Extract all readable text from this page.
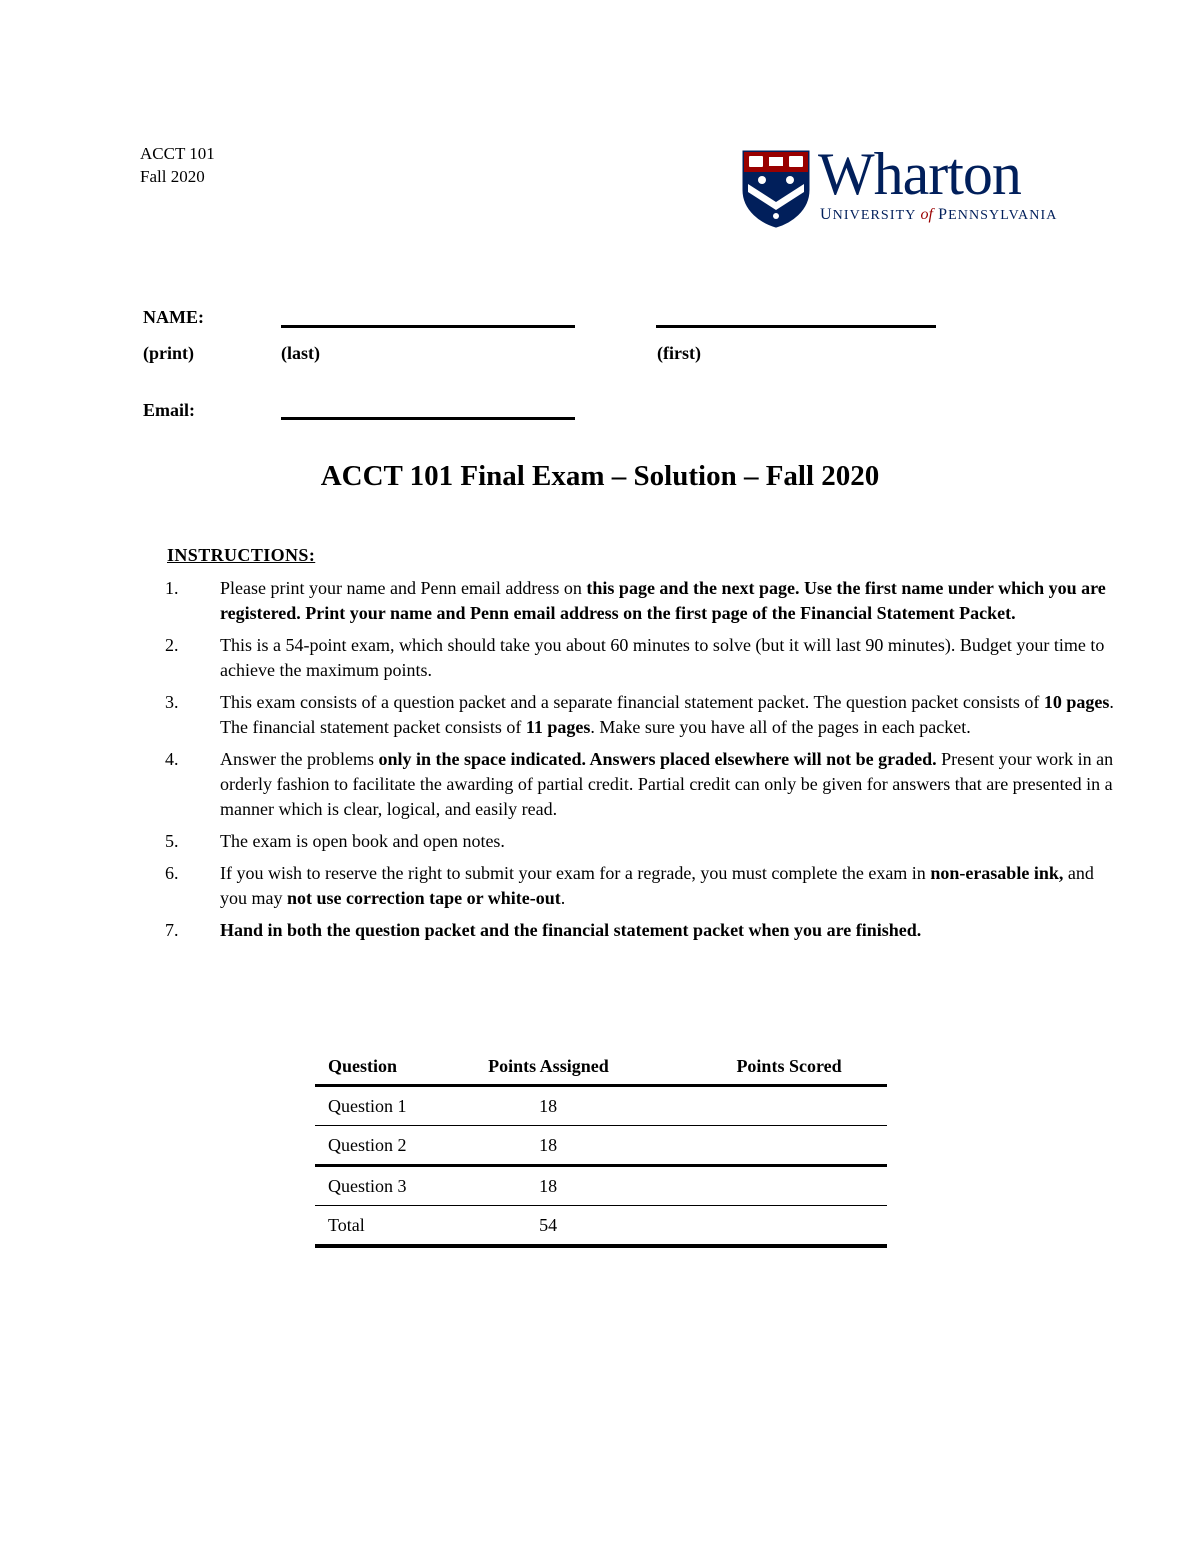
ACCT 101
Fall 2020	Wharton
UNIVERSITY of PENNSYLVANIA
NAME:
(print)	(last)	(first)
Email:
ACCT 101 Final Exam – Solution – Fall 2020
INSTRUCTIONS:
1. Please print your name and Penn email address on this page and the next page. Use the first name under which you are registered. Print your name and Penn email address on the first page of the Financial Statement Packet.
2. This is a 54-point exam, which should take you about 60 minutes to solve (but it will last 90 minutes). Budget your time to achieve the maximum points.
3. This exam consists of a question packet and a separate financial statement packet. The question packet consists of 10 pages. The financial statement packet consists of 11 pages. Make sure you have all of the pages in each packet.
4. Answer the problems only in the space indicated. Answers placed elsewhere will not be graded. Present your work in an orderly fashion to facilitate the awarding of partial credit. Partial credit can only be given for answers that are presented in a manner which is clear, logical, and easily read.
5. The exam is open book and open notes.
6. If you wish to reserve the right to submit your exam for a regrade, you must complete the exam in non-erasable ink, and you may not use correction tape or white-out.
7. Hand in both the question packet and the financial statement packet when you are finished.
Question	Points Assigned	Points Scored
Question 1	18	
Question 2	18	
Question 3	18	
Total	54	
